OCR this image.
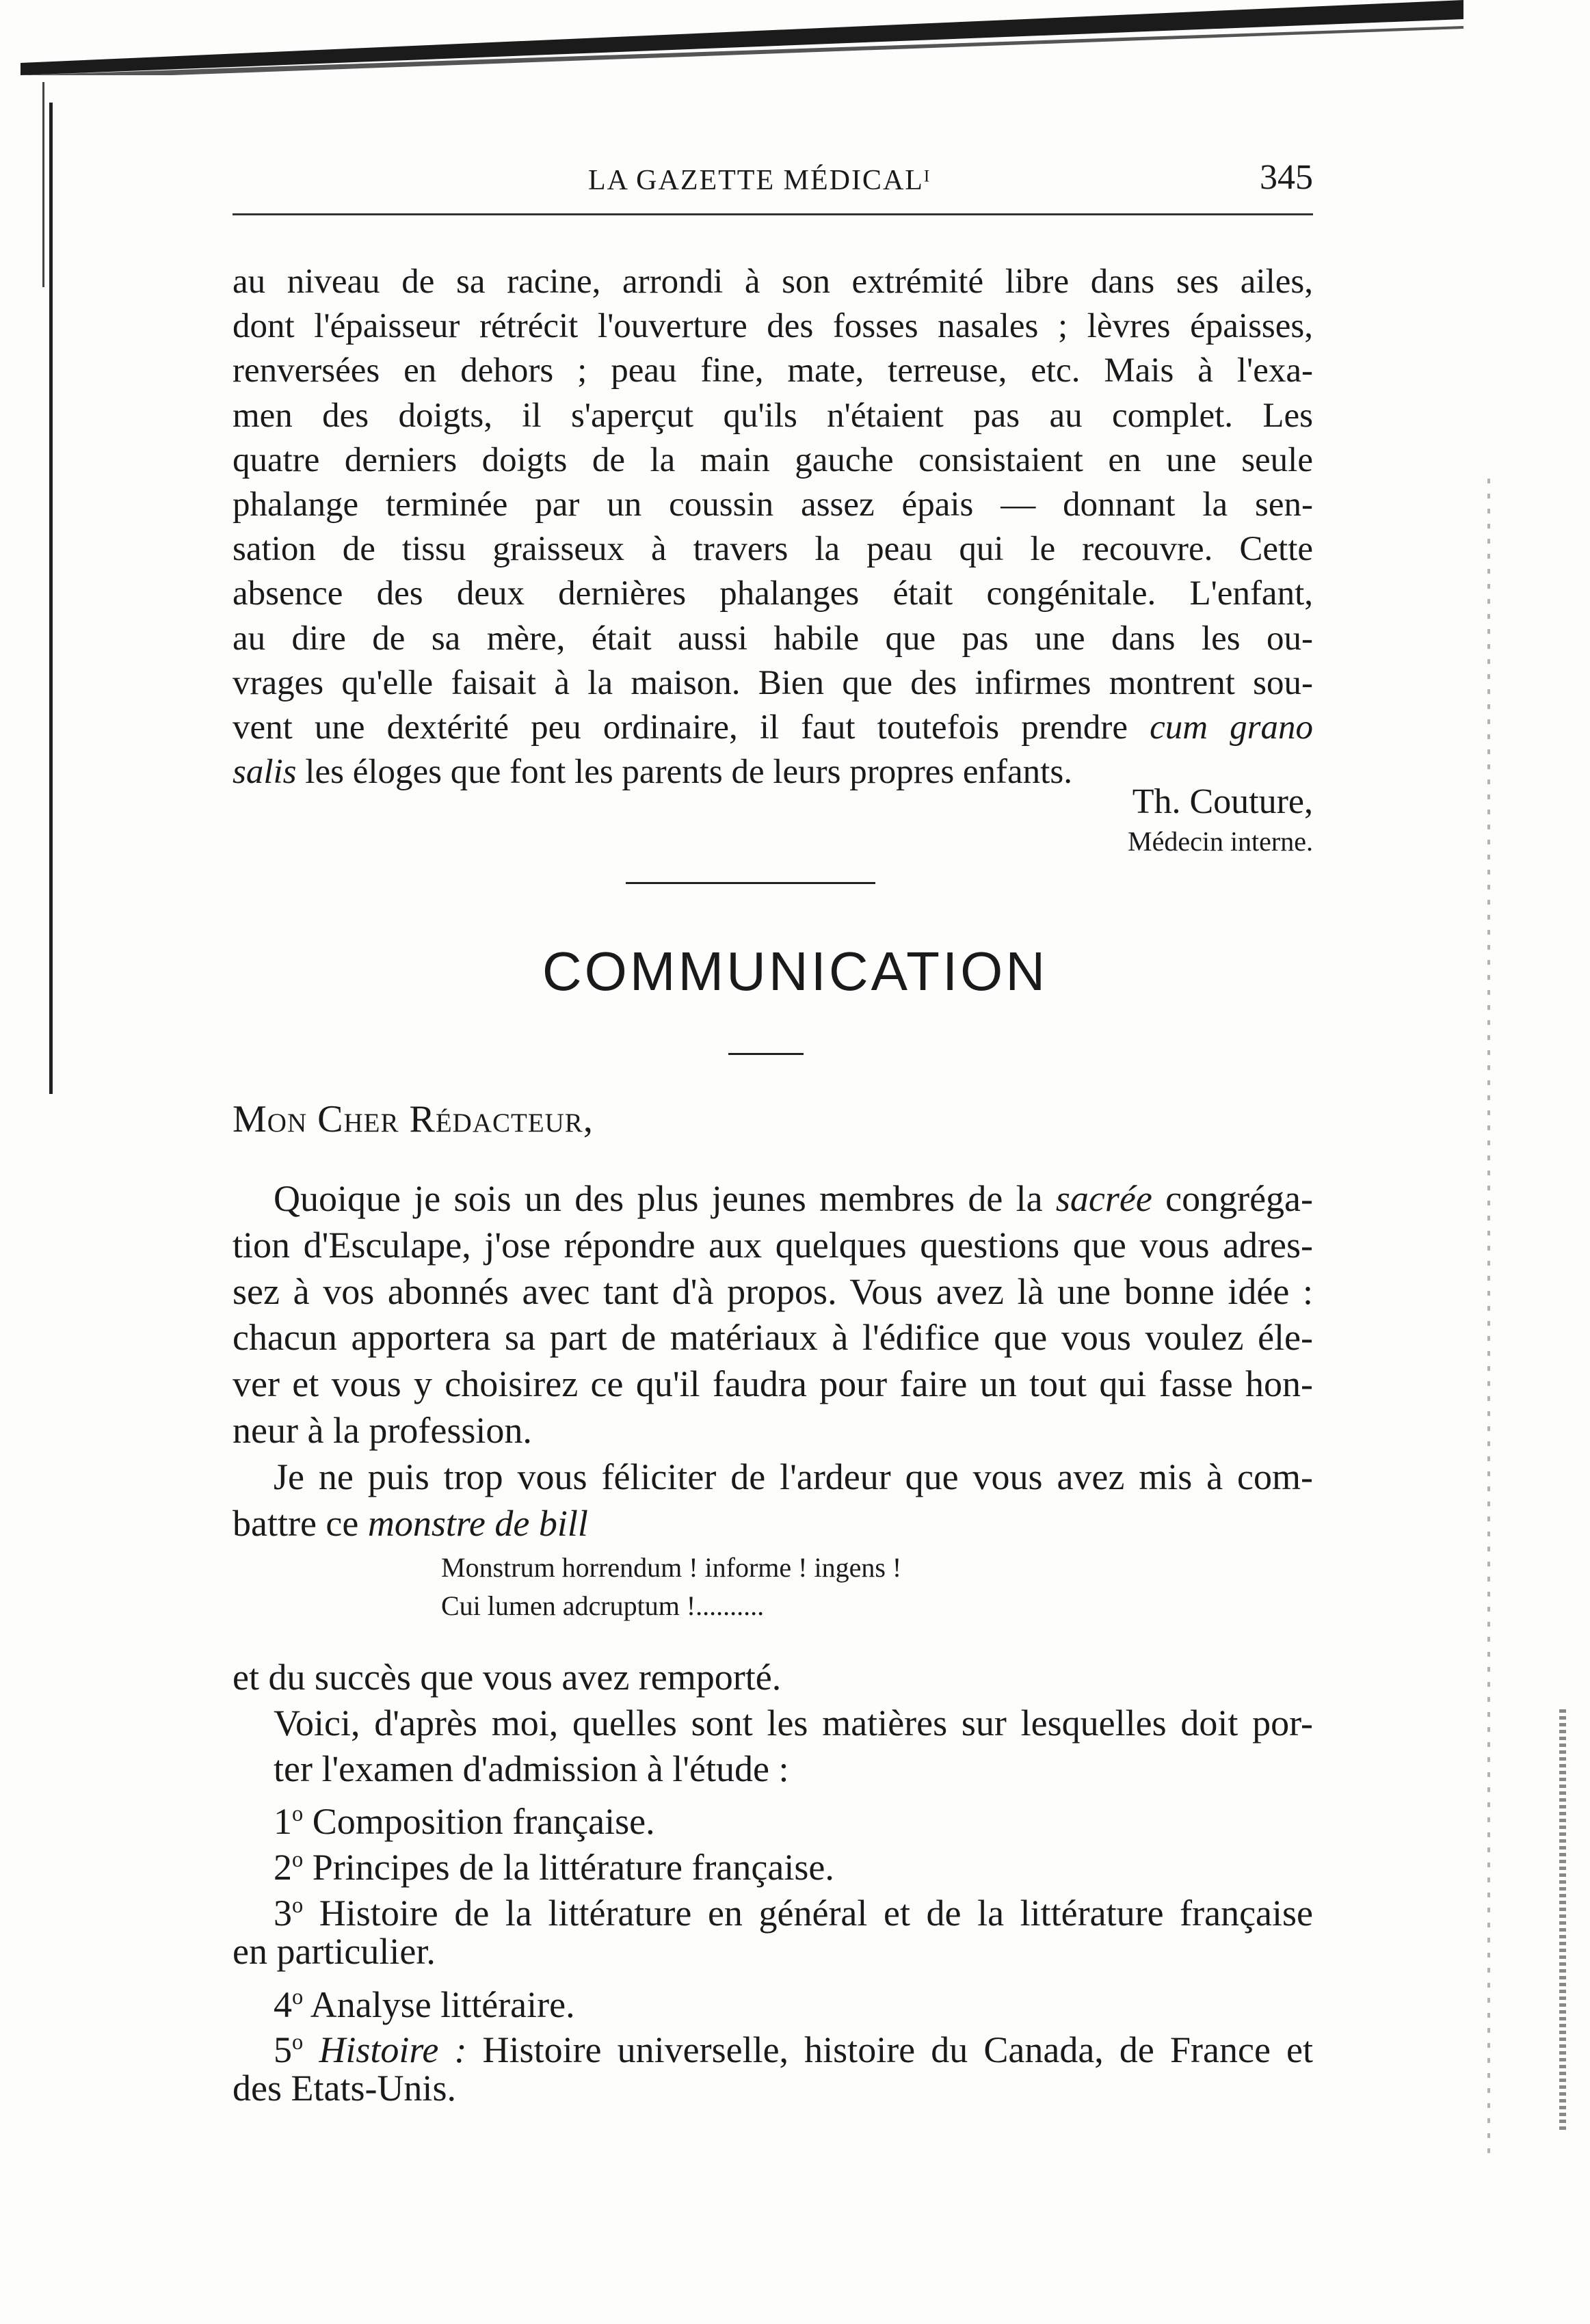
LA GAZETTE MÉDICALᴵ	345
au niveau de sa racine, arrondi à son extrémité libre dans ses ailes,
dont l'épaisseur rétrécit l'ouverture des fosses nasales ; lèvres épaisses,
renversées en dehors ; peau fine, mate, terreuse, etc. Mais à l'exa-
men des doigts, il s'aperçut qu'ils n'étaient pas au complet. Les
quatre derniers doigts de la main gauche consistaient en une seule
phalange terminée par un coussin assez épais — donnant la sen-
sation de tissu graisseux à travers la peau qui le recouvre. Cette
absence des deux dernières phalanges était congénitale. L'enfant,
au dire de sa mère, était aussi habile que pas une dans les ou-
vrages qu'elle faisait à la maison. Bien que des infirmes montrent sou-
vent une dextérité peu ordinaire, il faut toutefois prendre cum grano
salis les éloges que font les parents de leurs propres enfants.
Th. Couture,
Médecin interne.
COMMUNICATION
Mon Cher Rédacteur,
Quoique je sois un des plus jeunes membres de la sacrée congréga-
tion d'Esculape, j'ose répondre aux quelques questions que vous adres-
sez à vos abonnés avec tant d'à propos. Vous avez là une bonne idée :
chacun apportera sa part de matériaux à l'édifice que vous voulez éle-
ver et vous y choisirez ce qu'il faudra pour faire un tout qui fasse hon-
neur à la profession.
Je ne puis trop vous féliciter de l'ardeur que vous avez mis à com-
battre ce monstre de bill
Monstrum horrendum ! informe ! ingens !
Cui lumen adcruptum !..........
et du succès que vous avez remporté.
Voici, d'après moi, quelles sont les matières sur lesquelles doit por-
ter l'examen d'admission à l'étude :
1$^o$ Composition française.
2$^o$ Principes de la littérature française.
3$^o$ Histoire de la littérature en général et de la littérature française
en particulier.
4$^o$ Analyse littéraire.
5$^o$ Histoire : Histoire universelle, histoire du Canada, de France et
des Etats-Unis.
